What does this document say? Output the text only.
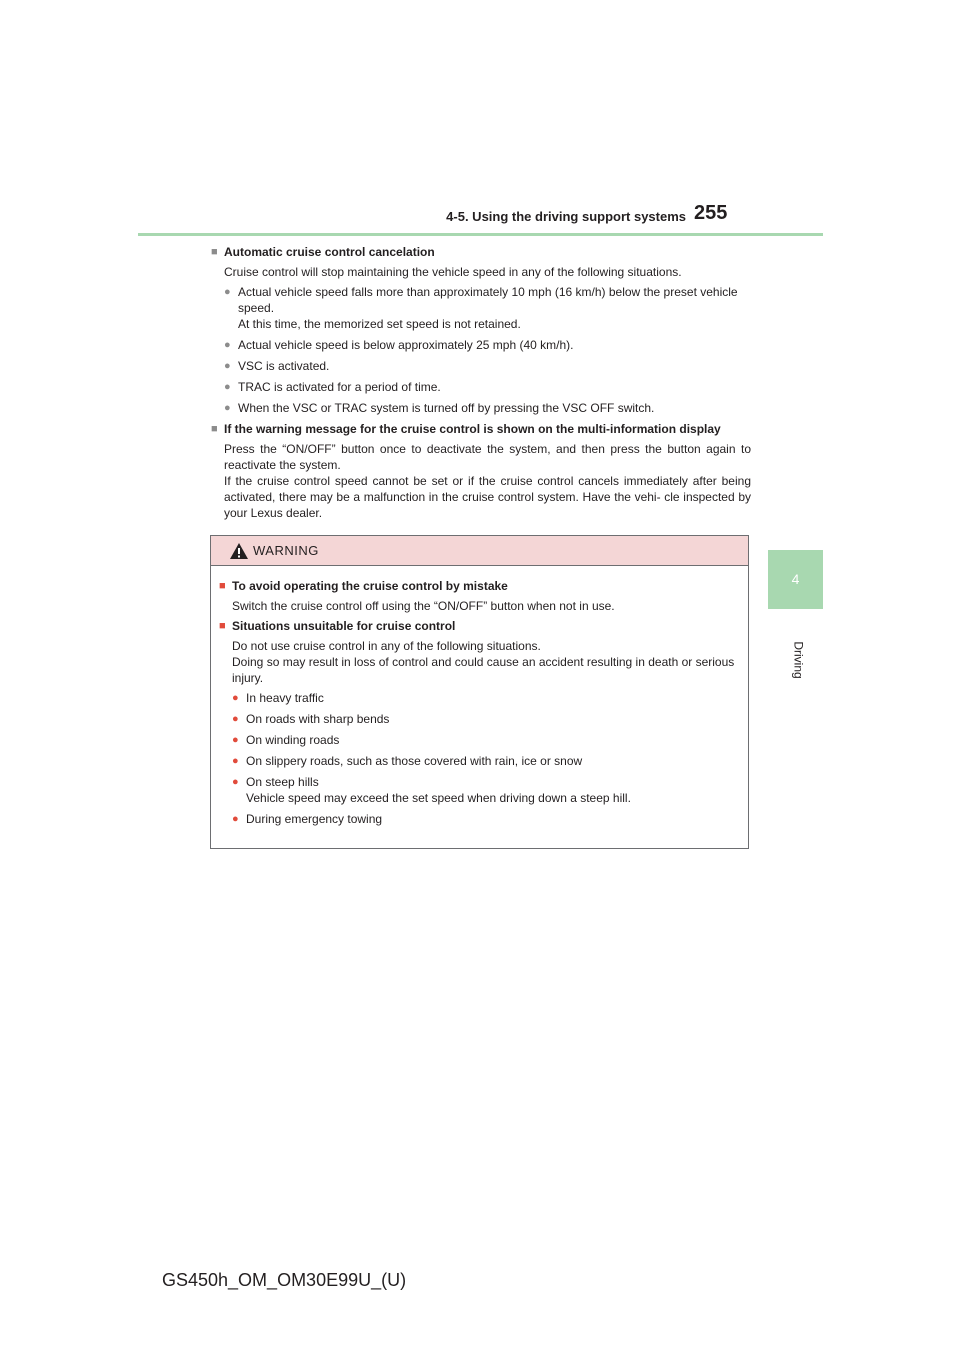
4-5. Using the driving support systems 255
4
Driving
■ Automatic cruise control cancelation
Cruise control will stop maintaining the vehicle speed in any of the following situations.
● Actual vehicle speed falls more than approximately 10 mph (16 km/h) below the preset vehicle speed.

At this time, the memorized set speed is not retained.

● Actual vehicle speed is below approximately 25 mph (40 km/h).

● VSC is activated.

● TRAC is activated for a period of time.

● When the VSC or TRAC system is turned off by pressing the VSC OFF switch.

■ If the warning message for the cruise control is shown on the multi-information display

Press the “ON/OFF” button once to deactivate the system, and then press the button again to reactivate the system.

If the cruise control speed cannot be set or if the cruise control cancels immediately after being activated, there may be a malfunction in the cruise control system. Have the vehi- cle inspected by your Lexus dealer.

WARNING
■ To avoid operating the cruise control by mistake
Switch the cruise control off using the “ON/OFF” button when not in use.
■ Situations unsuitable for cruise control

Do not use cruise control in any of the following situations.

Doing so may result in loss of control and could cause an accident resulting in death or serious injury.

● In heavy traffic

● On roads with sharp bends

● On winding roads

● On slippery roads, such as those covered with rain, ice or snow

● On steep hills

Vehicle speed may exceed the set speed when driving down a steep hill.

● During emergency towing

GS450h_OM_OM30E99U_(U)
